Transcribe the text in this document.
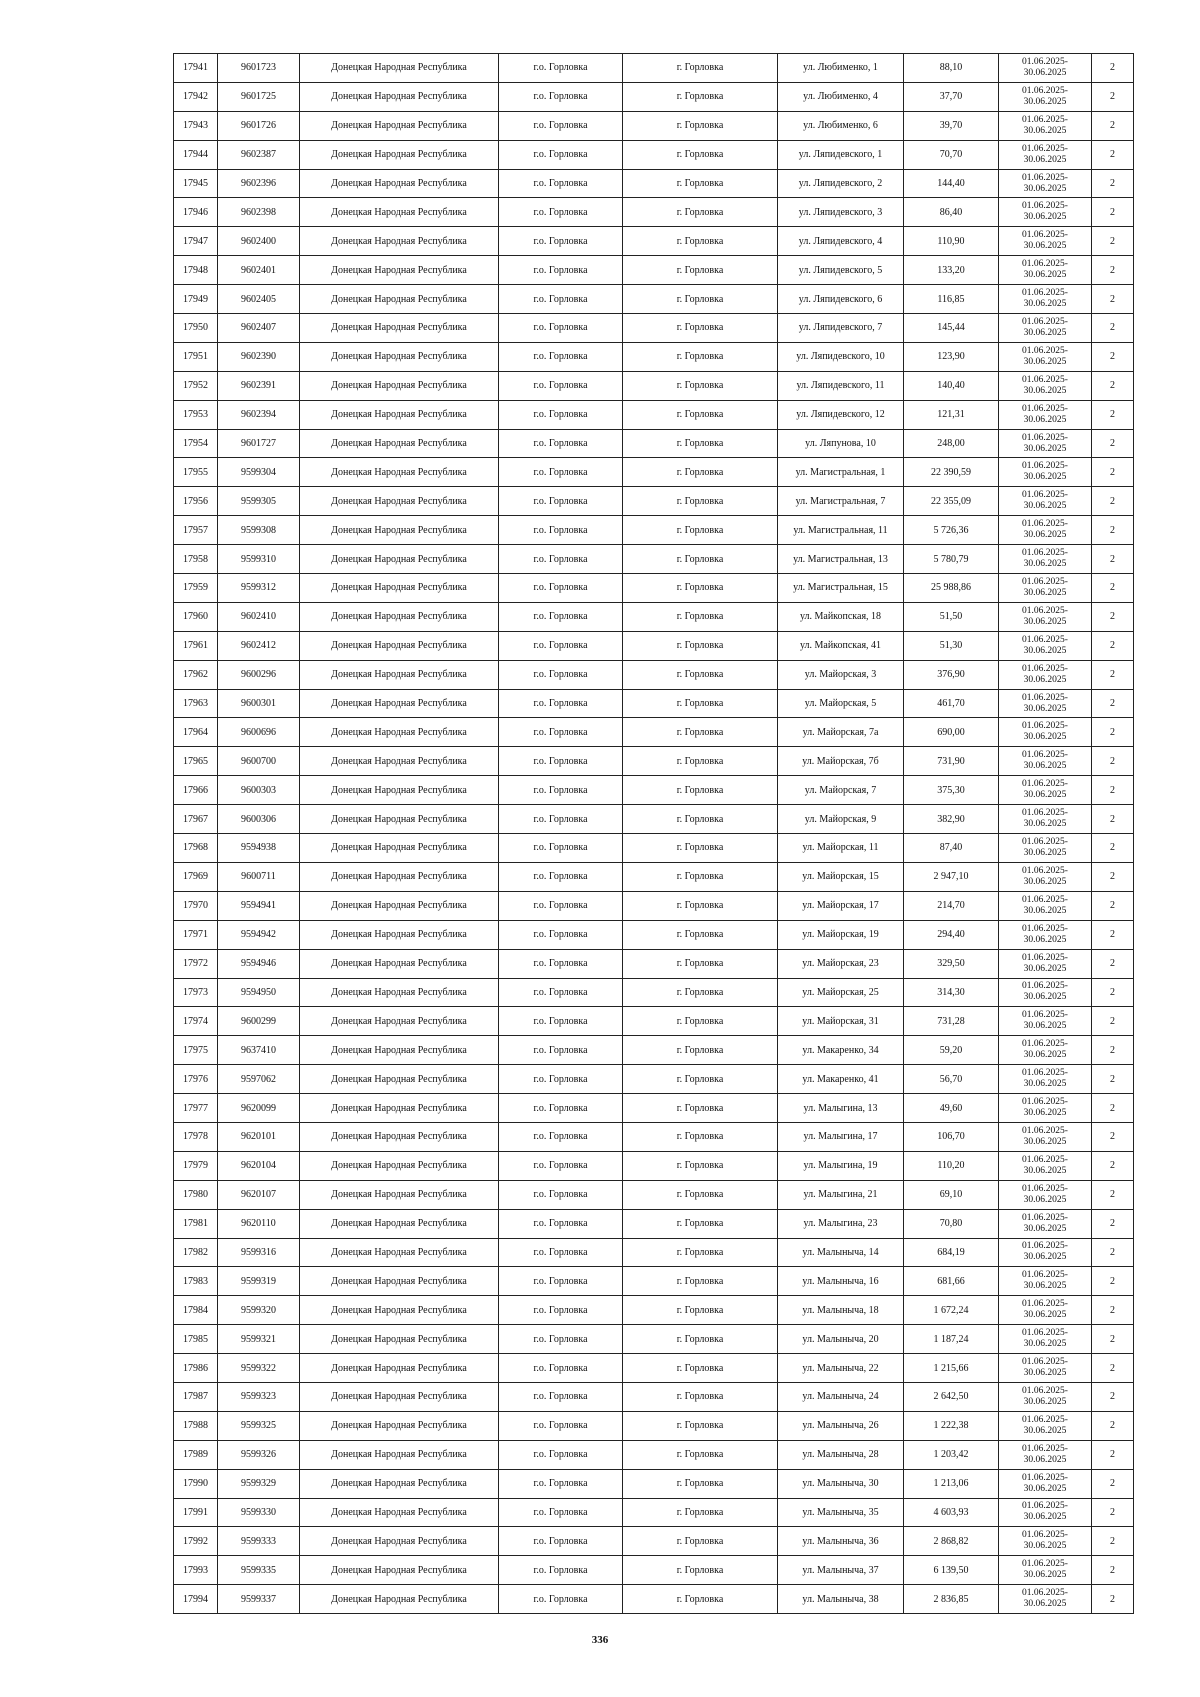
17941	9601723	Донецкая Народная Республика	г.о. Горловка	г. Горловка	ул. Любименко, 1	88,10	01.06.2025-
30.06.2025	2
17942	9601725	Донецкая Народная Республика	г.о. Горловка	г. Горловка	ул. Любименко, 4	37,70	01.06.2025-
30.06.2025	2
17943	9601726	Донецкая Народная Республика	г.о. Горловка	г. Горловка	ул. Любименко, 6	39,70	01.06.2025-
30.06.2025	2
17944	9602387	Донецкая Народная Республика	г.о. Горловка	г. Горловка	ул. Ляпидевского, 1	70,70	01.06.2025-
30.06.2025	2
17945	9602396	Донецкая Народная Республика	г.о. Горловка	г. Горловка	ул. Ляпидевского, 2	144,40	01.06.2025-
30.06.2025	2
17946	9602398	Донецкая Народная Республика	г.о. Горловка	г. Горловка	ул. Ляпидевского, 3	86,40	01.06.2025-
30.06.2025	2
17947	9602400	Донецкая Народная Республика	г.о. Горловка	г. Горловка	ул. Ляпидевского, 4	110,90	01.06.2025-
30.06.2025	2
17948	9602401	Донецкая Народная Республика	г.о. Горловка	г. Горловка	ул. Ляпидевского, 5	133,20	01.06.2025-
30.06.2025	2
17949	9602405	Донецкая Народная Республика	г.о. Горловка	г. Горловка	ул. Ляпидевского, 6	116,85	01.06.2025-
30.06.2025	2
17950	9602407	Донецкая Народная Республика	г.о. Горловка	г. Горловка	ул. Ляпидевского, 7	145,44	01.06.2025-
30.06.2025	2
17951	9602390	Донецкая Народная Республика	г.о. Горловка	г. Горловка	ул. Ляпидевского, 10	123,90	01.06.2025-
30.06.2025	2
17952	9602391	Донецкая Народная Республика	г.о. Горловка	г. Горловка	ул. Ляпидевского, 11	140,40	01.06.2025-
30.06.2025	2
17953	9602394	Донецкая Народная Республика	г.о. Горловка	г. Горловка	ул. Ляпидевского, 12	121,31	01.06.2025-
30.06.2025	2
17954	9601727	Донецкая Народная Республика	г.о. Горловка	г. Горловка	ул. Ляпунова, 10	248,00	01.06.2025-
30.06.2025	2
17955	9599304	Донецкая Народная Республика	г.о. Горловка	г. Горловка	ул. Магистральная, 1	22 390,59	01.06.2025-
30.06.2025	2
17956	9599305	Донецкая Народная Республика	г.о. Горловка	г. Горловка	ул. Магистральная, 7	22 355,09	01.06.2025-
30.06.2025	2
17957	9599308	Донецкая Народная Республика	г.о. Горловка	г. Горловка	ул. Магистральная, 11	5 726,36	01.06.2025-
30.06.2025	2
17958	9599310	Донецкая Народная Республика	г.о. Горловка	г. Горловка	ул. Магистральная, 13	5 780,79	01.06.2025-
30.06.2025	2
17959	9599312	Донецкая Народная Республика	г.о. Горловка	г. Горловка	ул. Магистральная, 15	25 988,86	01.06.2025-
30.06.2025	2
17960	9602410	Донецкая Народная Республика	г.о. Горловка	г. Горловка	ул. Майкопская, 18	51,50	01.06.2025-
30.06.2025	2
17961	9602412	Донецкая Народная Республика	г.о. Горловка	г. Горловка	ул. Майкопская, 41	51,30	01.06.2025-
30.06.2025	2
17962	9600296	Донецкая Народная Республика	г.о. Горловка	г. Горловка	ул. Майорская, 3	376,90	01.06.2025-
30.06.2025	2
17963	9600301	Донецкая Народная Республика	г.о. Горловка	г. Горловка	ул. Майорская, 5	461,70	01.06.2025-
30.06.2025	2
17964	9600696	Донецкая Народная Республика	г.о. Горловка	г. Горловка	ул. Майорская, 7а	690,00	01.06.2025-
30.06.2025	2
17965	9600700	Донецкая Народная Республика	г.о. Горловка	г. Горловка	ул. Майорская, 7б	731,90	01.06.2025-
30.06.2025	2
17966	9600303	Донецкая Народная Республика	г.о. Горловка	г. Горловка	ул. Майорская, 7	375,30	01.06.2025-
30.06.2025	2
17967	9600306	Донецкая Народная Республика	г.о. Горловка	г. Горловка	ул. Майорская, 9	382,90	01.06.2025-
30.06.2025	2
17968	9594938	Донецкая Народная Республика	г.о. Горловка	г. Горловка	ул. Майорская, 11	87,40	01.06.2025-
30.06.2025	2
17969	9600711	Донецкая Народная Республика	г.о. Горловка	г. Горловка	ул. Майорская, 15	2 947,10	01.06.2025-
30.06.2025	2
17970	9594941	Донецкая Народная Республика	г.о. Горловка	г. Горловка	ул. Майорская, 17	214,70	01.06.2025-
30.06.2025	2
17971	9594942	Донецкая Народная Республика	г.о. Горловка	г. Горловка	ул. Майорская, 19	294,40	01.06.2025-
30.06.2025	2
17972	9594946	Донецкая Народная Республика	г.о. Горловка	г. Горловка	ул. Майорская, 23	329,50	01.06.2025-
30.06.2025	2
17973	9594950	Донецкая Народная Республика	г.о. Горловка	г. Горловка	ул. Майорская, 25	314,30	01.06.2025-
30.06.2025	2
17974	9600299	Донецкая Народная Республика	г.о. Горловка	г. Горловка	ул. Майорская, 31	731,28	01.06.2025-
30.06.2025	2
17975	9637410	Донецкая Народная Республика	г.о. Горловка	г. Горловка	ул. Макаренко, 34	59,20	01.06.2025-
30.06.2025	2
17976	9597062	Донецкая Народная Республика	г.о. Горловка	г. Горловка	ул. Макаренко, 41	56,70	01.06.2025-
30.06.2025	2
17977	9620099	Донецкая Народная Республика	г.о. Горловка	г. Горловка	ул. Малыгина, 13	49,60	01.06.2025-
30.06.2025	2
17978	9620101	Донецкая Народная Республика	г.о. Горловка	г. Горловка	ул. Малыгина, 17	106,70	01.06.2025-
30.06.2025	2
17979	9620104	Донецкая Народная Республика	г.о. Горловка	г. Горловка	ул. Малыгина, 19	110,20	01.06.2025-
30.06.2025	2
17980	9620107	Донецкая Народная Республика	г.о. Горловка	г. Горловка	ул. Малыгина, 21	69,10	01.06.2025-
30.06.2025	2
17981	9620110	Донецкая Народная Республика	г.о. Горловка	г. Горловка	ул. Малыгина, 23	70,80	01.06.2025-
30.06.2025	2
17982	9599316	Донецкая Народная Республика	г.о. Горловка	г. Горловка	ул. Малыныча, 14	684,19	01.06.2025-
30.06.2025	2
17983	9599319	Донецкая Народная Республика	г.о. Горловка	г. Горловка	ул. Малыныча, 16	681,66	01.06.2025-
30.06.2025	2
17984	9599320	Донецкая Народная Республика	г.о. Горловка	г. Горловка	ул. Малыныча, 18	1 672,24	01.06.2025-
30.06.2025	2
17985	9599321	Донецкая Народная Республика	г.о. Горловка	г. Горловка	ул. Малыныча, 20	1 187,24	01.06.2025-
30.06.2025	2
17986	9599322	Донецкая Народная Республика	г.о. Горловка	г. Горловка	ул. Малыныча, 22	1 215,66	01.06.2025-
30.06.2025	2
17987	9599323	Донецкая Народная Республика	г.о. Горловка	г. Горловка	ул. Малыныча, 24	2 642,50	01.06.2025-
30.06.2025	2
17988	9599325	Донецкая Народная Республика	г.о. Горловка	г. Горловка	ул. Малыныча, 26	1 222,38	01.06.2025-
30.06.2025	2
17989	9599326	Донецкая Народная Республика	г.о. Горловка	г. Горловка	ул. Малыныча, 28	1 203,42	01.06.2025-
30.06.2025	2
17990	9599329	Донецкая Народная Республика	г.о. Горловка	г. Горловка	ул. Малыныча, 30	1 213,06	01.06.2025-
30.06.2025	2
17991	9599330	Донецкая Народная Республика	г.о. Горловка	г. Горловка	ул. Малыныча, 35	4 603,93	01.06.2025-
30.06.2025	2
17992	9599333	Донецкая Народная Республика	г.о. Горловка	г. Горловка	ул. Малыныча, 36	2 868,82	01.06.2025-
30.06.2025	2
17993	9599335	Донецкая Народная Республика	г.о. Горловка	г. Горловка	ул. Малыныча, 37	6 139,50	01.06.2025-
30.06.2025	2
17994	9599337	Донецкая Народная Республика	г.о. Горловка	г. Горловка	ул. Малыныча, 38	2 836,85	01.06.2025-
30.06.2025	2
336
